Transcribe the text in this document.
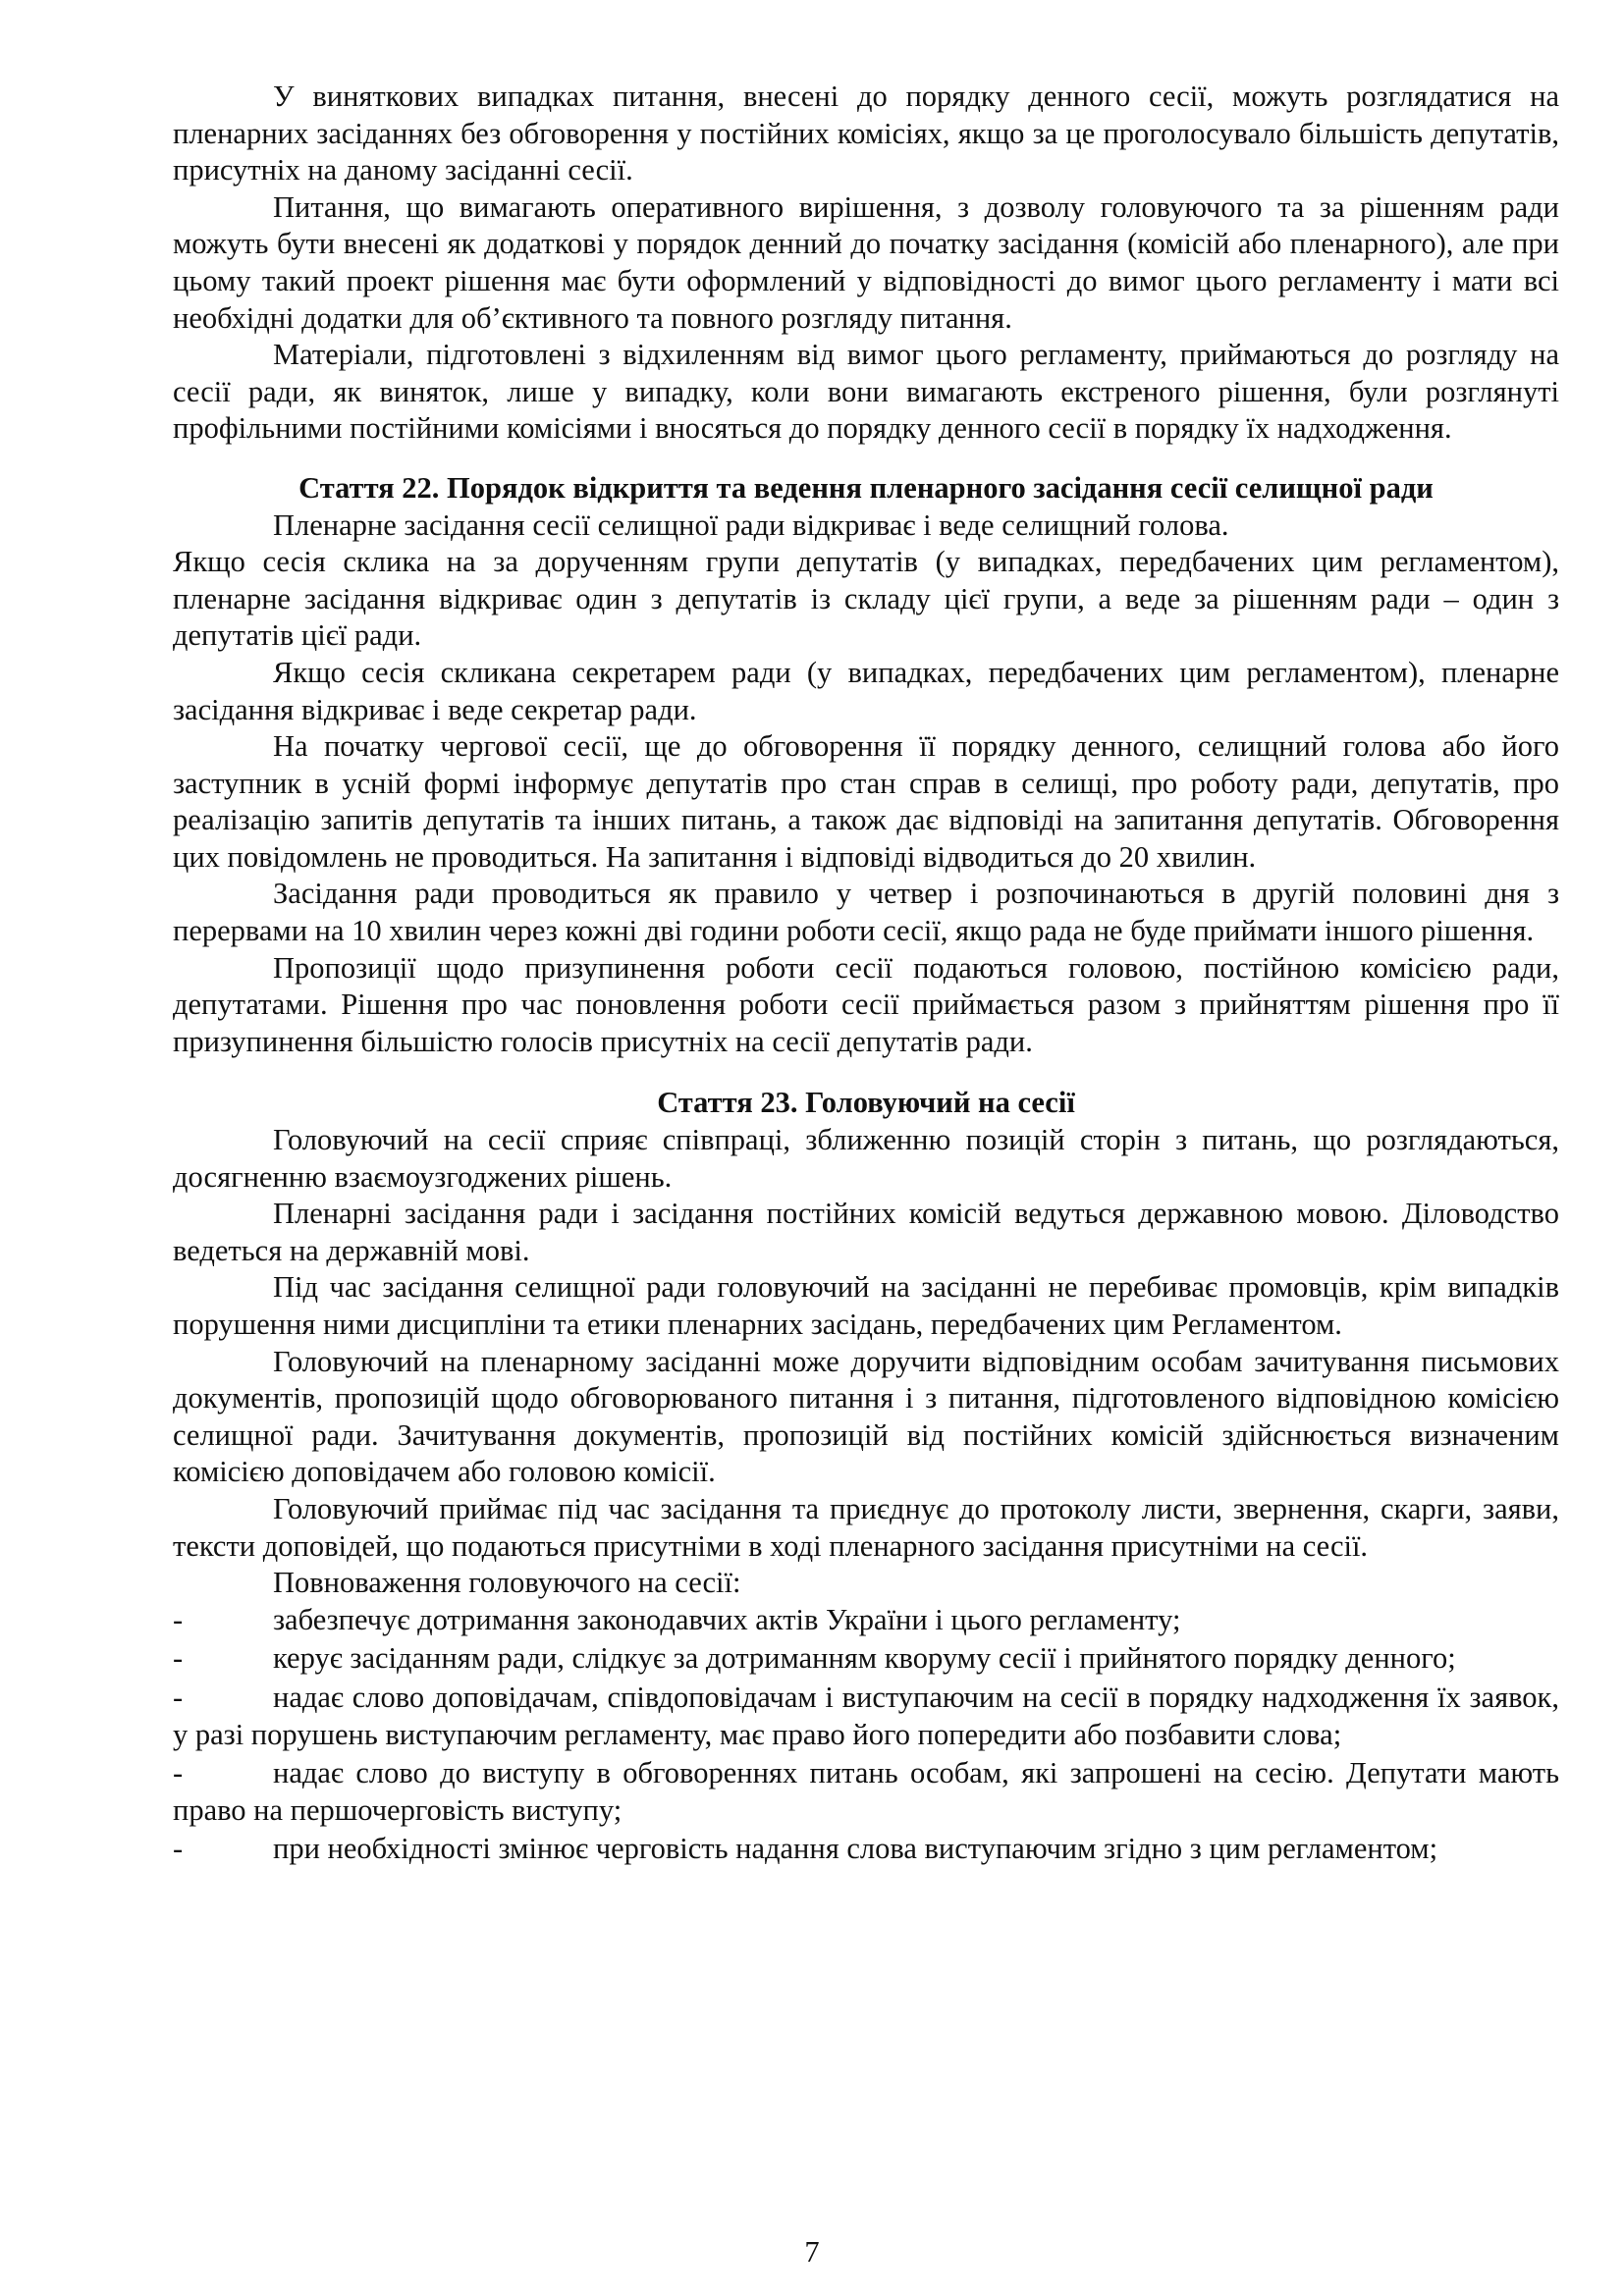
У виняткових випадках питання, внесені до порядку денного сесії, можуть розглядатися на пленарних засіданнях без обговорення у постійних комісіях, якщо за це проголосувало більшість депутатів, присутніх на даному засіданні сесії.

Питання, що вимагають оперативного вирішення, з дозволу головуючого та за рішенням ради можуть бути внесені як додаткові у порядок денний до початку засідання (комісій або пленарного), але при цьому такий проект рішення має бути оформлений у відповідності до вимог цього регламенту і мати всі необхідні додатки для об’єктивного та повного розгляду питання.

Матеріали, підготовлені з відхиленням від вимог цього регламенту, приймаються до розгляду на сесії ради, як виняток, лише у випадку, коли вони вимагають екстреного рішення, були розглянуті профільними постійними комісіями і вносяться до порядку денного сесії в порядку їх надходження.

Стаття 22. Порядок відкриття та ведення пленарного засідання сесії селищної ради

Пленарне засідання сесії селищної ради відкриває і веде селищний голова.

Якщо сесія склика на за дорученням групи депутатів (у випадках, передбачених цим регламентом), пленарне засідання відкриває один з депутатів із складу цієї групи, а веде за рішенням ради – один з депутатів цієї ради.

Якщо сесія скликана секретарем ради (у випадках, передбачених цим регламентом), пленарне засідання відкриває і веде секретар ради.

На початку чергової сесії, ще до обговорення її порядку денного, селищний голова або його заступник в усній формі інформує депутатів про стан справ в селищі, про роботу ради, депутатів, про реалізацію запитів депутатів та інших питань, а також дає відповіді на запитання депутатів. Обговорення цих повідомлень не проводиться. На запитання і відповіді відводиться до 20 хвилин.

Засідання ради проводиться як правило у четвер і розпочинаються в другій половині дня з перервами на 10 хвилин через кожні дві години роботи сесії, якщо рада не буде приймати іншого рішення.

Пропозиції щодо призупинення роботи сесії подаються головою, постійною комісією ради, депутатами. Рішення про час поновлення роботи сесії приймається разом з прийняттям рішення про її призупинення більшістю голосів присутніх на сесії депутатів ради.

Стаття 23. Головуючий на сесії

Головуючий на сесії сприяє співпраці, зближенню позицій сторін з питань, що розглядаються, досягненню взаємоузгоджених рішень.

Пленарні засідання ради і засідання постійних комісій ведуться державною мовою. Діловодство ведеться на державній мові.

Під час засідання селищної ради головуючий на засіданні не перебиває промовців, крім випадків порушення ними дисципліни та етики пленарних засідань, передбачених цим Регламентом.

Головуючий на пленарному засіданні може доручити відповідним особам зачитування письмових документів, пропозицій щодо обговорюваного питання і з питання, підготовленого відповідною комісією селищної ради. Зачитування документів, пропозицій від постійних комісій здійснюється визначеним комісією доповідачем або головою комісії.

Головуючий приймає під час засідання та приєднує до протоколу листи, звернення, скарги, заяви, тексти доповідей, що подаються присутніми в ході пленарного засідання присутніми на сесії.

Повноваження головуючого на сесії:

-	забезпечує дотримання законодавчих актів України і цього регламенту;
-	керує засіданням ради, слідкує за дотриманням кворуму сесії і прийнятого порядку денного;
-	надає слово доповідачам, співдоповідачам і виступаючим на сесії в порядку надходження їх заявок, у разі порушень виступаючим регламенту, має право його попередити або позбавити слова;
-	надає слово до виступу в обговореннях питань особам, які запрошені на сесію. Депутати мають право на першочерговість виступу;
-	при необхідності змінює черговість надання слова виступаючим згідно з цим регламентом;
7
